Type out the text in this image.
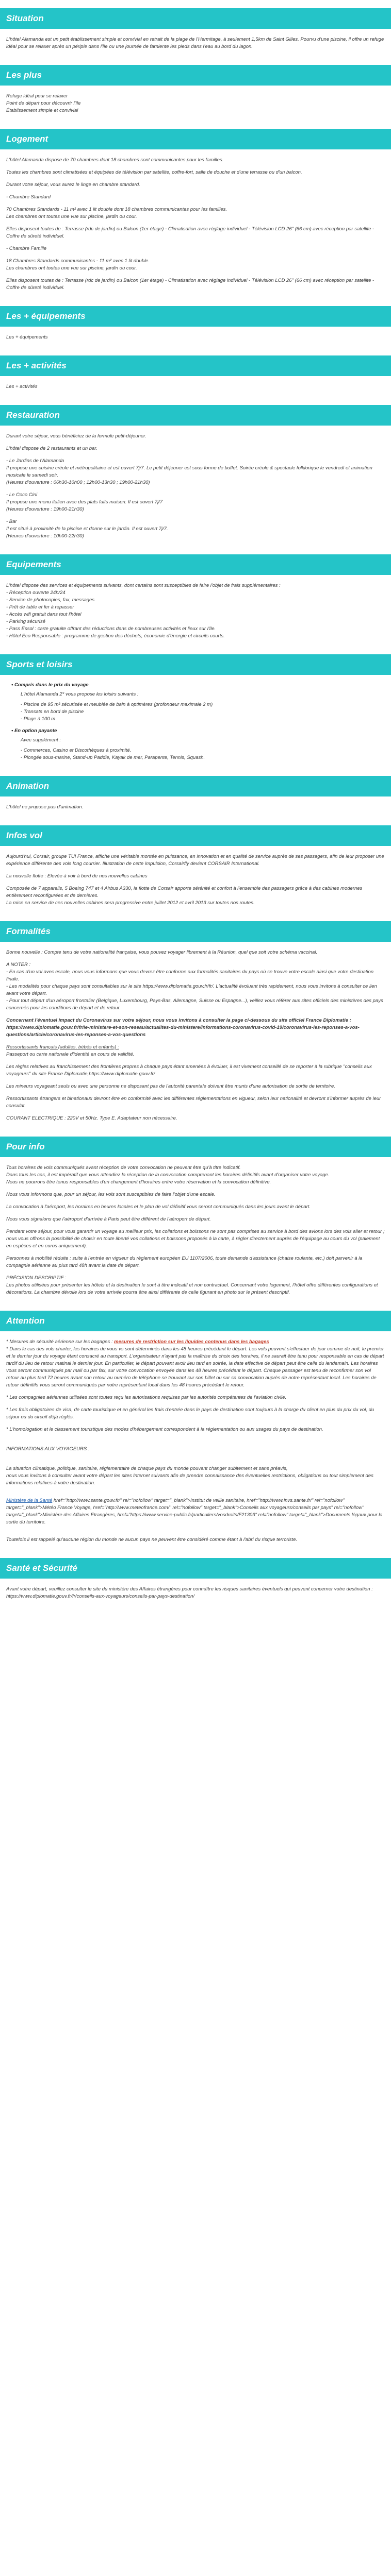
Situation

L'hôtel Alamanda est un petit établissement simple et convivial en retrait de la plage de l'Hermitage, à seulement 1,5km de Saint Gilles. Pourvu d'une piscine, il offre un refuge idéal pour se relaxer après un périple dans l'île ou une journée de farniente les pieds dans l'eau au bord du lagon.

Les plus
Refuge idéal pour se relaxer
Point de départ pour découvrir l'île
Établissement simple et convivial
Logement

L'hôtel Alamanda dispose de 70 chambres dont 18 chambres sont communicantes pour les familles.

Toutes les chambres sont climatisées et équipées de télévision par satellite, coffre-fort, salle de douche et d'une terrasse ou d'un balcon.

Durant votre séjour, vous aurez le linge en chambre standard.

- Chambre Standard

70 Chambres Standards - 11 m² avec 1 lit double dont 18 chambres communicantes pour les familles.

Les chambres ont toutes une vue sur piscine, jardin ou cour.

Elles disposent toutes de : Terrasse (rdc de jardin) ou Balcon (1er étage) - Climatisation avec réglage individuel - Télévision LCD 26" (66 cm) avec réception par satellite - Coffre de sûreté individuel.

- Chambre Famille

18 Chambres Standards communicantes - 11 m² avec 1 lit double.

Les chambres ont toutes une vue sur piscine, jardin ou cour.

Elles disposent toutes de : Terrasse (rdc de jardin) ou Balcon (1er étage) - Climatisation avec réglage individuel - Télévision LCD 26" (66 cm) avec réception par satellite - Coffre de sûreté individuel.

Les + équipements

Les + équipements

Les + activités

Les + activités

Restauration

Durant votre séjour, vous bénéficiez de la formule petit-déjeuner.

L'hôtel dispose de 2 restaurants et un bar.

- Le Jardins de l'Alamanda
Il propose une cuisine créole et métropolitaine et est ouvert 7j/7. Le petit déjeuner est sous forme de buffet. Soirée créole & spectacle folklorique le vendredi et animation musicale le samedi soir.

(Heures d'ouverture : 06h30-10h00 ; 12h00-13h30 ; 19h00-21h30)

- Le Coco Cini
Il propose une menu italien avec des plats faits maison. Il est ouvert 7j/7

(Heures d'ouverture : 19h00-21h30)

- Bar
Il est situé à proximité de la piscine et donne sur le jardin. Il est ouvert 7j/7.

(Heures d'ouverture : 10h00-22h30)

Equipements
L'hôtel dispose des services et équipements suivants, dont certains sont susceptibles de faire l'objet de frais supplémentaires :
- Réception ouverte 24h/24
- Service de photocopies, fax, messages
- Prêt de table et fer à repasser
- Accès wifi gratuit dans tout l'hôtel
- Parking sécurisé
- Pass Essol : carte gratuite offrant des réductions dans de nombreuses activités et lieux sur l'île.

- Hôtel Eco Responsable : programme de gestion des déchets, économie d'énergie et circuits courts.

Sports et loisirs
• Compris dans le prix du voyage
L'hôtel Alamanda 2* vous propose les loisirs suivants :
- Piscine de 95 m² sécurisée et meublée de bain à optimères (profondeur maximale 2 m)
- Transats en bord de piscine
- Plage à 100 m
• En option payante
Avec supplément :
- Commerces, Casino et Discothèques à proximité.
- Plongée sous-marine, Stand-up Paddle, Kayak de mer, Parapente, Tennis, Squash.
Animation

L'hôtel ne propose pas d'animation.

Infos vol

Aujourd'hui, Corsair, groupe TUI France, affiche une véritable montée en puissance, en innovation et en qualité de service auprès de ses passagers, afin de leur proposer une expérience différente des vols long courrier. Illustration de cette impulsion, Corsairfly devient CORSAIR International.

La nouvelle flotte : Elevée à voir à bord de nos nouvelles cabines

Composée de 7 appareils, 5 Boeing 747 et 4 Airbus A330, la flotte de Corsair apporte sérénité et confort à l'ensemble des passagers grâce à des cabines modernes entièrement reconfigurées et de dernières.

La mise en service de ces nouvelles cabines sera progressive entre juillet 2012 et avril 2013 sur toutes nos routes.

Formalités

Bonne nouvelle : Compte tenu de votre nationalité française, vous pouvez voyager librement à la Réunion, quel que soit votre schéma vaccinal.

A NOTER :

- En cas d'un vol avec escale, nous vous informons que vous devrez être conforme aux formalités sanitaires du pays où se trouve votre escale ainsi que votre destination finale.

- Les modalités pour chaque pays sont consultables sur le site https://www.diplomatie.gouv.fr/fr/. L'actualité évoluant très rapidement, nous vous invitons à consulter ce lien avant votre départ.

- Pour tout départ d'un aéroport frontalier (Belgique, Luxembourg, Pays-Bas, Allemagne, Suisse ou Espagne...), veillez vous référer aux sites officiels des ministères des pays concernés pour les conditions de départ et de retour.

Concernant l'éventuel impact du Coronavirus sur votre séjour, nous vous invitons à consulter la page ci-dessous du site officiel France Diplomatie :

https://www.diplomatie.gouv.fr/fr/le-ministere-et-son-reseau/actualites-du-ministere/informations-coronavirus-covid-19/coronavirus-les-reponses-a-vos-questions/article/coronavirus-les-reponses-a-vos-questions

Ressortissants français (adultes, bébés et enfants) :

Passeport ou carte nationale d'identité en cours de validité.

Les règles relatives au franchissement des frontières propres à chaque pays étant amenées à évoluer, il est vivement conseillé de se reporter à la rubrique "conseils aux voyageurs" du site France Diplomatie,https://www.diplomatie.gouv.fr/

Les mineurs voyageant seuls ou avec une personne ne disposant pas de l'autorité parentale doivent être munis d'une autorisation de sortie de territoire.

Ressortissants étrangers et binationaux devront être en conformité avec les différentes réglementations en vigueur, selon leur nationalité et devront s'informer auprès de leur consulat.

COURANT ELECTRIQUE : 220V et 50Hz. Type E. Adaptateur non nécessaire.

Pour info
Tous horaires de vols communiqués avant réception de votre convocation ne peuvent être qu'à titre indicatif.
Dans tous les cas, il est impératif que vous attendiez la réception de la convocation comprenant les horaires définitifs avant d'organiser votre voyage.

Nous ne pourrons être tenus responsables d'un changement d'horaires entre votre réservation et la convocation définitive.

Nous vous informons que, pour un séjour, les vols sont susceptibles de faire l'objet d'une escale.

La convocation à l'aéroport, les horaires en heures locales et le plan de vol définitif vous seront communiqués dans les jours avant le départ.

Nous vous signalons que l'aéroport d'arrivée à Paris peut être différent de l'aéroport de départ.

Pendant votre séjour, pour vous garantir un voyage au meilleur prix, les collations et boissons ne sont pas comprises au service à bord des avions lors des vols aller et retour ; nous vous offrons la possibilité de choisir en toute liberté vos collations et boissons proposés à la carte, à régler directement auprès de l'équipage au cours du vol (paiement en espèces et en euros uniquement).

Personnes à mobilité réduite : suite à l'entrée en vigueur du règlement européen EU 1107/2006, toute demande d'assistance (chaise roulante, etc.) doit parvenir à la compagnie aérienne au plus tard 48h avant la date de départ.

PRÉCISION DESCRIPTIF :

Les photos utilisées pour présenter les hôtels et la destination le sont à titre indicatif et non contractuel. Concernant votre logement, l'hôtel offre différentes configurations et décorations. La chambre dévoile lors de votre arrivée pourra être ainsi différente de celle figurant en photo sur le présent descriptif.

Attention

* Mesures de sécurité aérienne sur les bagages : mesures de restriction sur les liquides contenus dans les bagages

* Dans le cas des vols charter, les horaires de vous vs sont déterminés dans les 48 heures précédant le départ. Les vols peuvent s'effectuer de jour comme de nuit, le premier et le dernier jour du voyage étant consacré au transport. L'organisateur n'ayant pas la maîtrise du choix des horaires, il ne saurait être tenu pour responsable en cas de départ tardif du lieu de retour matinal le dernier jour. En particulier, le départ pouvant avoir lieu tard en soirée, la date effective de départ peut être celle du lendemain. Les horaires vous seront communiqués par mail ou par fax, sur votre convocation envoyée dans les 48 heures précédant le départ. Chaque passager est tenu de reconfirmer son vol retour au plus tard 72 heures avant son retour au numéro de téléphone se trouvant sur son billet ou sur sa convocation auprès de notre représentant local. Les horaires de retour définitifs vous seront communiqués par notre représentant local dans les 48 heures précédant le retour.

* Les compagnies aériennes utilisées sont toutes reçu les autorisations requises par les autorités compétentes de l'aviation civile.

* Les frais obligatoires de visa, de carte touristique et en général les frais d'entrée dans le pays de destination sont toujours à la charge du client en plus du prix du vol, du séjour ou du circuit déjà réglés.

* L'homologation et le classement touristique des modes d'hébergement correspondent à la réglementation ou aux usages du pays de destination.

INFORMATIONS AUX VOYAGEURS :

La situation climatique, politique, sanitaire, réglementaire de chaque pays du monde pouvant changer subitement et sans préavis,

nous vous invitons à consulter avant votre départ les sites Internet suivants afin de prendre connaissance des éventuelles restrictions, obligations ou tout simplement des informations relatives à votre destination.

Ministère de la Santé href="http://www.sante.gouv.fr/" rel="nofollow" target="_blank">Institut de veille sanitaire, href="http://www.invs.sante.fr/" rel="nofollow" target="_blank">Météo France Voyage, href="http://www.meteofrance.com/" rel="nofollow" target="_blank">Conseils aux voyageurs/conseils par pays" rel="nofollow" target="_blank">Ministère des Affaires Etrangères, href="https://www.service-public.fr/particuliers/vosdroits/F21303" rel="nofollow" target="_blank">Documents légaux pour la sortie du territoire.

Toutefois il est rappelé qu'aucune région du monde ne aucun pays ne peuvent être considéré comme étant à l'abri du risque terroriste.

Santé et Sécurité

Avant votre départ, veuillez consulter le site du ministère des Affaires étrangères pour connaître les risques sanitaires éventuels qui peuvent concerner votre destination : https://www.diplomatie.gouv.fr/fr/conseils-aux-voyageurs/conseils-par-pays-destination/
